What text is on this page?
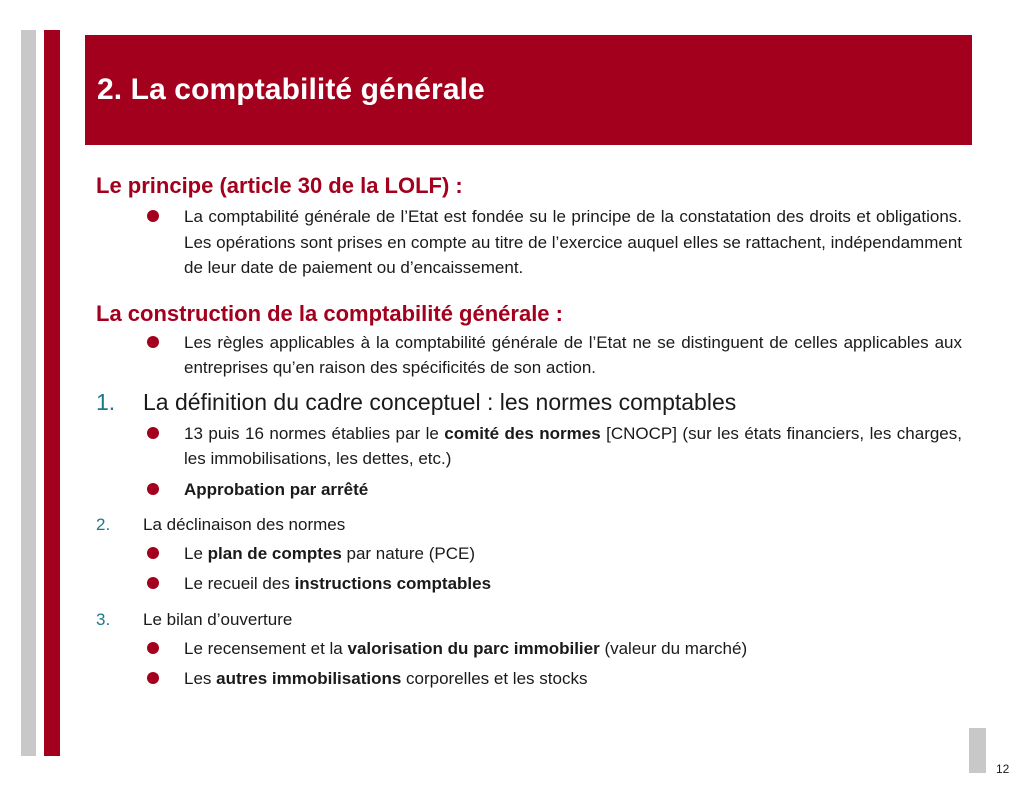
2. La comptabilité générale

Le principe (article 30 de la LOLF) :

La comptabilité générale de l’Etat est fondée su le principe de la constatation des droits et obligations. Les opérations sont prises en compte au titre de l’exercice auquel elles se rattachent, indépendamment de leur date de paiement ou d’encaissement.

La construction de la comptabilité générale :

Les règles applicables à la comptabilité générale de l’Etat ne se distinguent de celles applicables aux entreprises qu’en raison des spécificités de son action.
1. La définition du cadre conceptuel : les normes comptables
13 puis 16 normes établies par le comité des normes [CNOCP] (sur les états financiers, les charges, les immobilisations, les dettes, etc.)
Approbation par arrêté
2. La déclinaison des normes
Le plan de comptes par nature (PCE)
Le recueil des instructions comptables
3. Le bilan d’ouverture
Le recensement et la valorisation du parc immobilier (valeur du marché)
Les autres immobilisations corporelles et les stocks
12
